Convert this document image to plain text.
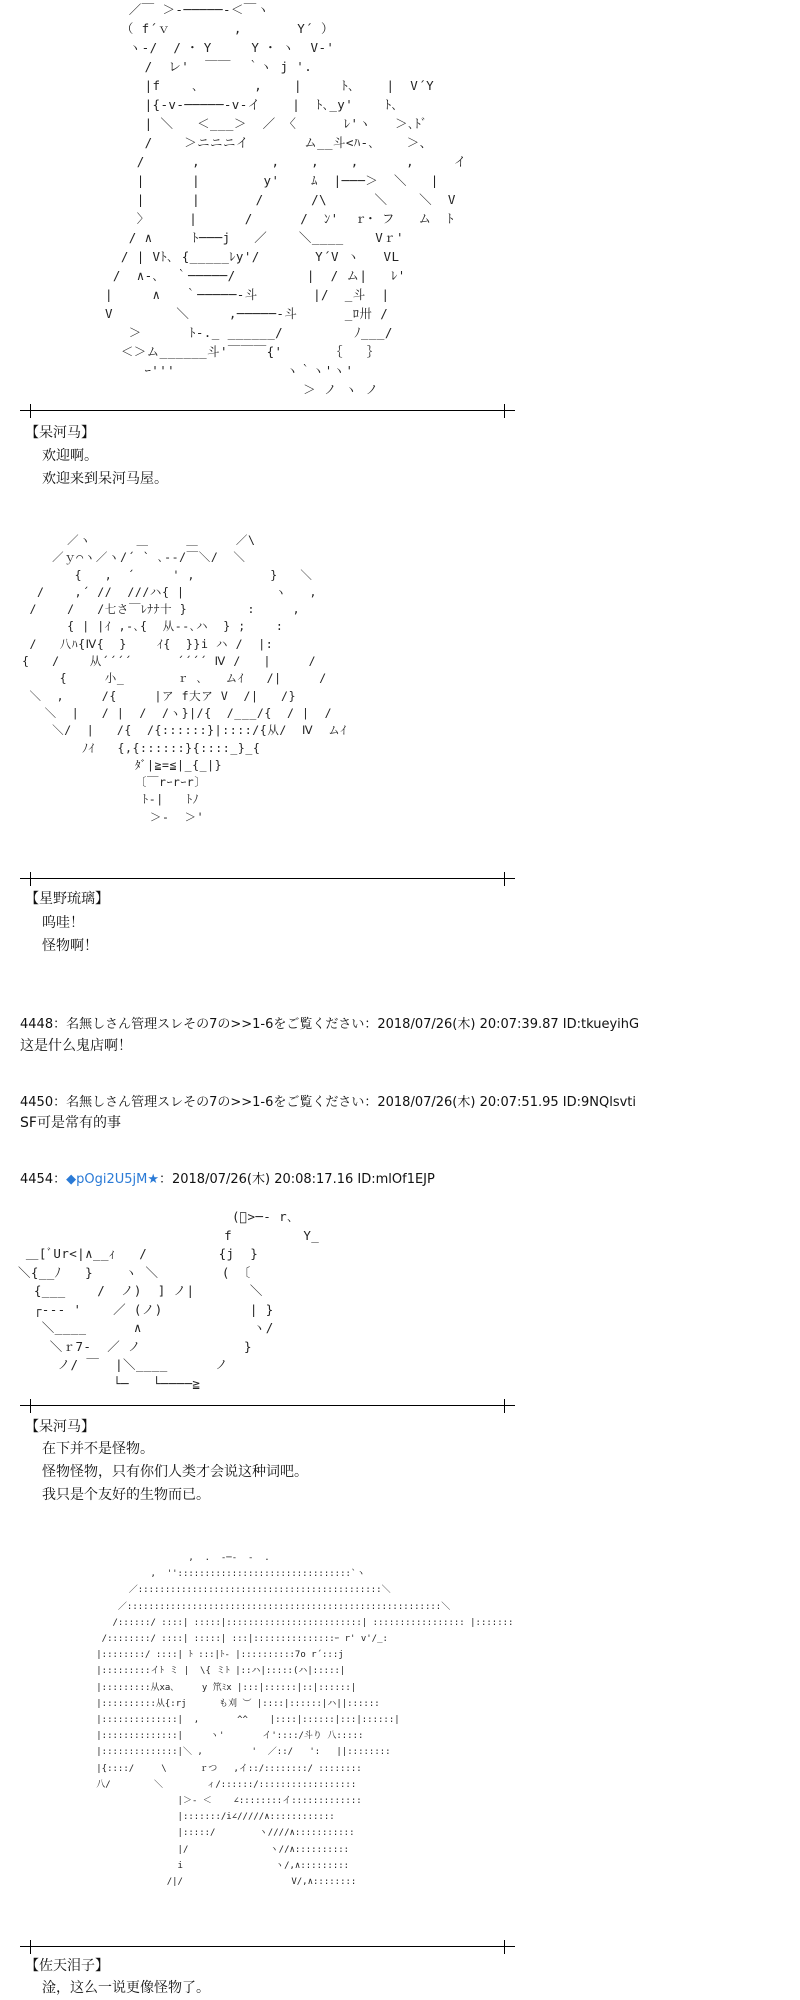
／￣ ＞-─────-＜￣ヽ
（ f´ｖ        ,       Y´ ）
ヽ-/  / ･ Y     Y ･ ヽ  V-'
/  レ'  ￣￣  ｀ヽ j '.
|f    ､       ,    |     ﾄ､    |  V´Y
|{-v-─────-v-イ    |  ﾄ､_y'    ﾄ､
| ＼   ＜___＞  ／ 〈      ﾚ'ヽ   ＞､ﾄﾞ
/    ＞ニニニイ       ム__斗<ﾊ-､    ＞、
/      ,         ,    ,    ,      ,     イ
|      |        y'    ﾑ  |───＞  ＼   |
|      |       /      /\      ＼    ＼  V
〉     |      /      /  ﾝ'  ｒ･ フ   ム  ﾄ
/ ∧     ﾄ───j   ／    ＼____    Vｒ'
/ | Vﾄ､ {_____ﾚy'/       Y´V ヽ   VL
/  ∧-､  ｀─────/         |  / ム|   ﾚ'
|     ∧   ｀─────-斗       |/  _斗  |
V        ＼     ,─────-斗      _ﾛ卅 /
＞      ﾄ-._ ______/         ﾉ___/
＜＞ム______斗'￣￣￣{'      ｛   ｝
ｰ'''              ヽ｀ヽ'ヽ'
＞ ノ ヽ ノ
【呆河马】
欢迎啊。
欢迎来到呆河马屋。
／ヽ      ＿     ＿     ／\
／ｙ⌒ヽ／ヽ/´ ` ､--/￣＼/  ＼
{   ,  ´     ' ,          }   ＼
/    ,´ //  ///ハ{ |            ヽ   ,
/    /   /七さ￣ﾚﾅﾅ十 }        :     ,
{ | |ｲ ,-､{  从--､ハ  } ;    :
/   八ﾊ{Ⅳ{  }    ｲ{  }}i ハ /  |:
{   /    从´´´´      ´´´´ Ⅳ /   |     /
{     小_       ｒ ､   ムｲ   /|     /
＼  ,     /{     |ア f大ア V  /|   /}
＼  |   / |  /  /ヽ}|/{  /___/{  / |  /
＼/  |   /{  /{::::::}|::::/{从/  Ⅳ  ムｲ
ﾉｲ   {,{::::::}{::::_}_{
ﾀﾞ|≧=≦|_{_|}
〔￣rｰrｰr〕
ﾄ-|   ﾄﾉ
＞-  ＞'
【星野琉璃】
呜哇！
怪物啊！
4448：名無しさん管理スレその7の>>1-6をご覧ください：2018/07/26(木) 20:07:39.87 ID:tkueyihG
这是什么鬼店啊！
4450：名無しさん管理スレその7の>>1-6をご覧ください：2018/07/26(木) 20:07:51.95 ID:9NQlsvti
SF可是常有的事
4454：◆pOgi2U5jM★：2018/07/26(木) 20:08:17.16 ID:mlOf1EJP
(ﾞ>─‐ r､
f         Y_
＿[ﾞUr<|∧__ｨ   /         {j  }
＼{__ﾉ   }    ヽ ＼        ( 〔
{___    /  ノ)  ] ノ|       ＼
┌--- '    ／ (ノ)           | }
＼____      ∧              ヽ/
＼ｒ7-  ／ ノ             }
ノ/ ￣  |＼____      ノ
└─   └────≧
【呆河马】
在下并不是怪物。
怪物怪物，只有你们人类才会说这种词吧。
我只是个友好的生物而已。
,  .  -─‐  -  .
,  ''::::::::::::::::::::::::::::::::`ヽ
／:::::::::::::::::::::::::::::::::::::::::::::＼
／::::::::::::::::::::::::::::::::::::::::::::::::::::::::::＼
/::::::/ ::::| :::::|:::::::::::::::::::::::::| ::::::::::::::::: |:::::::
/::::::::/ ::::| :::::| :::|:::::::::::::::ｰ r' v'/_:
|::::::::/ ::::| ﾄ :::|ﾄ- |::::::::::7o r´:::j
|:::::::::イﾄ ミ |  \{ ミﾄ |::ハ|:::::(ハ|:::::|
|:::::::::从xa､     y 笊ﾐx |:::|::::::|::|::::::|
|::::::::::从{:rj      も刈 ︶ |::::|::::::|ハ||::::::
|::::::::::::::|  ,       ^^    |::::|::::::|:::|::::::|
|::::::::::::::|     ヽ'       イ'::::/斗り 八:::::
|::::::::::::::|＼ ,         '  ／::/   ':   ||::::::::
|{::::/     \      ｒつ   ,イ::/::::::::/ ::::::::
八/        ＼        ィ/::::::/::::::::::::::::::
|＞- ＜    ∠::::::::イ:::::::::::::
|:::::::/i∠/////∧::::::::::::
|:::::/        ヽ////∧:::::::::::
|/               ヽ//∧::::::::::
i                 ヽ/,∧:::::::::
/|/                    V/,∧::::::::
【佐天泪子】
淦，这么一说更像怪物了。
